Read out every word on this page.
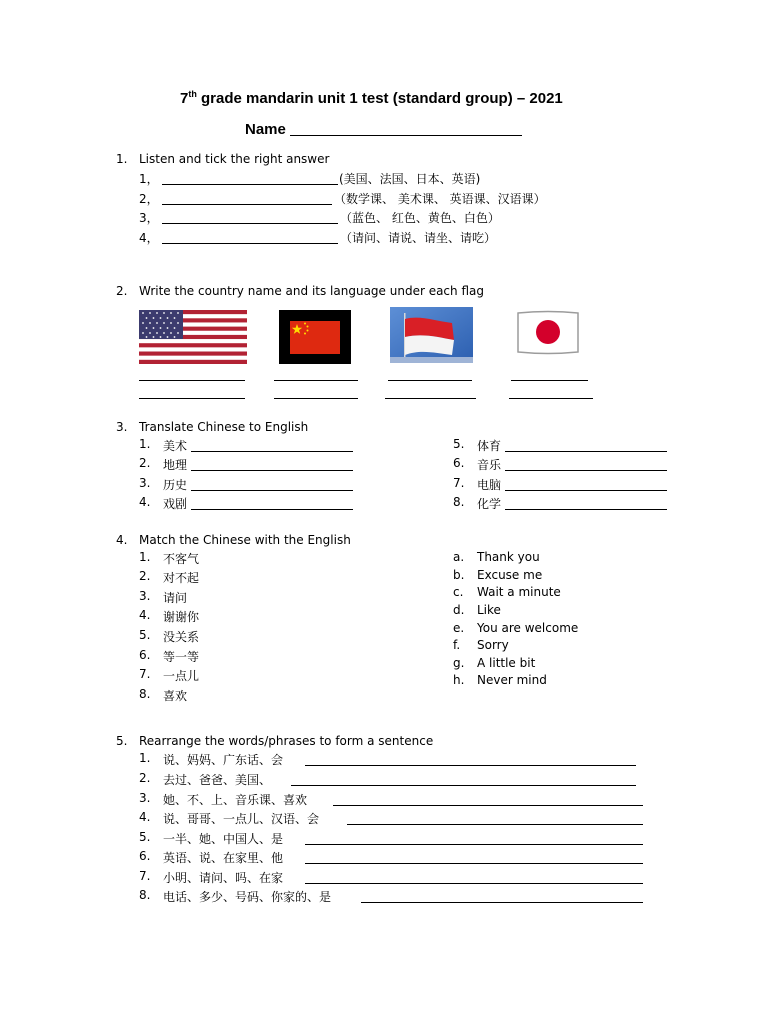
7th grade mandarin unit 1 test (standard group) – 2021
Name
1. Listen and tick the right answer
1，	(美国、法国、日本、英语)
2，	（数学课、 美术课、 英语课、汉语课）
3，	（蓝色、 红色、黄色、白色）
4，	（请问、请说、请坐、请吃）
2. Write the country name and its language under each flag
3. Translate Chinese to English
1. 美术
2. 地理
3. 历史
4. 戏剧
5. 体育
6. 音乐
7. 电脑
8. 化学
4. Match the Chinese with the English
1. 不客气
2. 对不起
3. 请问
4. 谢谢你
5. 没关系
6. 等一等
7. 一点儿
8. 喜欢
a. Thank you
b. Excuse me
c. Wait a minute
d. Like
e. You are welcome
f. Sorry
g. A little bit
h. Never mind
5. Rearrange the words/phrases to form a sentence
1. 说、妈妈、广东话、会
2. 去过、爸爸、美国、
3. 她、不、上、音乐课、喜欢
4. 说、哥哥、一点儿、汉语、会
5. 一半、她、中国人、是
6. 英语、说、在家里、他
7. 小明、请问、吗、在家
8. 电话、多少、号码、你家的、是
